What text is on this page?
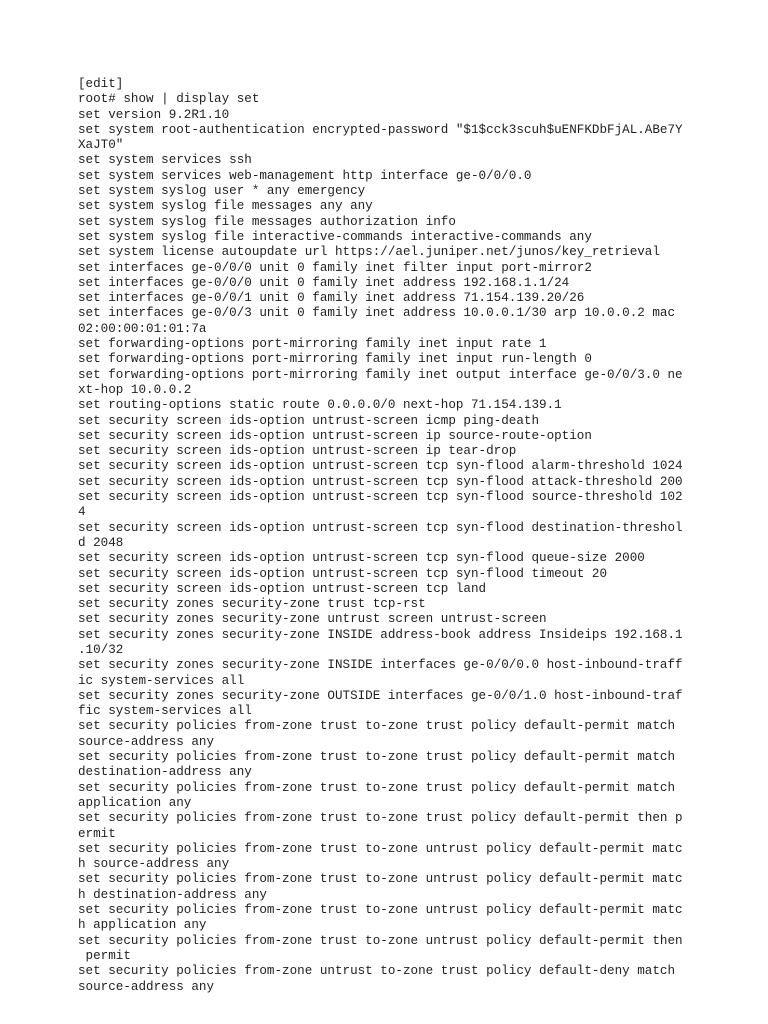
[edit]
root# show | display set
set version 9.2R1.10
set system root-authentication encrypted-password "$1$cck3scuh$uENFKDbFjAL.ABe7Y
XaJT0"
set system services ssh
set system services web-management http interface ge-0/0/0.0
set system syslog user * any emergency
set system syslog file messages any any
set system syslog file messages authorization info
set system syslog file interactive-commands interactive-commands any
set system license autoupdate url https://ael.juniper.net/junos/key_retrieval
set interfaces ge-0/0/0 unit 0 family inet filter input port-mirror2
set interfaces ge-0/0/0 unit 0 family inet address 192.168.1.1/24
set interfaces ge-0/0/1 unit 0 family inet address 71.154.139.20/26
set interfaces ge-0/0/3 unit 0 family inet address 10.0.0.1/30 arp 10.0.0.2 mac
02:00:00:01:01:7a
set forwarding-options port-mirroring family inet input rate 1
set forwarding-options port-mirroring family inet input run-length 0
set forwarding-options port-mirroring family inet output interface ge-0/0/3.0 ne
xt-hop 10.0.0.2
set routing-options static route 0.0.0.0/0 next-hop 71.154.139.1
set security screen ids-option untrust-screen icmp ping-death
set security screen ids-option untrust-screen ip source-route-option
set security screen ids-option untrust-screen ip tear-drop
set security screen ids-option untrust-screen tcp syn-flood alarm-threshold 1024
set security screen ids-option untrust-screen tcp syn-flood attack-threshold 200
set security screen ids-option untrust-screen tcp syn-flood source-threshold 102
4
set security screen ids-option untrust-screen tcp syn-flood destination-threshol
d 2048
set security screen ids-option untrust-screen tcp syn-flood queue-size 2000
set security screen ids-option untrust-screen tcp syn-flood timeout 20
set security screen ids-option untrust-screen tcp land
set security zones security-zone trust tcp-rst
set security zones security-zone untrust screen untrust-screen
set security zones security-zone INSIDE address-book address Insideips 192.168.1
.10/32
set security zones security-zone INSIDE interfaces ge-0/0/0.0 host-inbound-traff
ic system-services all
set security zones security-zone OUTSIDE interfaces ge-0/0/1.0 host-inbound-traf
fic system-services all
set security policies from-zone trust to-zone trust policy default-permit match
source-address any
set security policies from-zone trust to-zone trust policy default-permit match
destination-address any
set security policies from-zone trust to-zone trust policy default-permit match
application any
set security policies from-zone trust to-zone trust policy default-permit then p
ermit
set security policies from-zone trust to-zone untrust policy default-permit matc
h source-address any
set security policies from-zone trust to-zone untrust policy default-permit matc
h destination-address any
set security policies from-zone trust to-zone untrust policy default-permit matc
h application any
set security policies from-zone trust to-zone untrust policy default-permit then
permit
set security policies from-zone untrust to-zone trust policy default-deny match
source-address any
